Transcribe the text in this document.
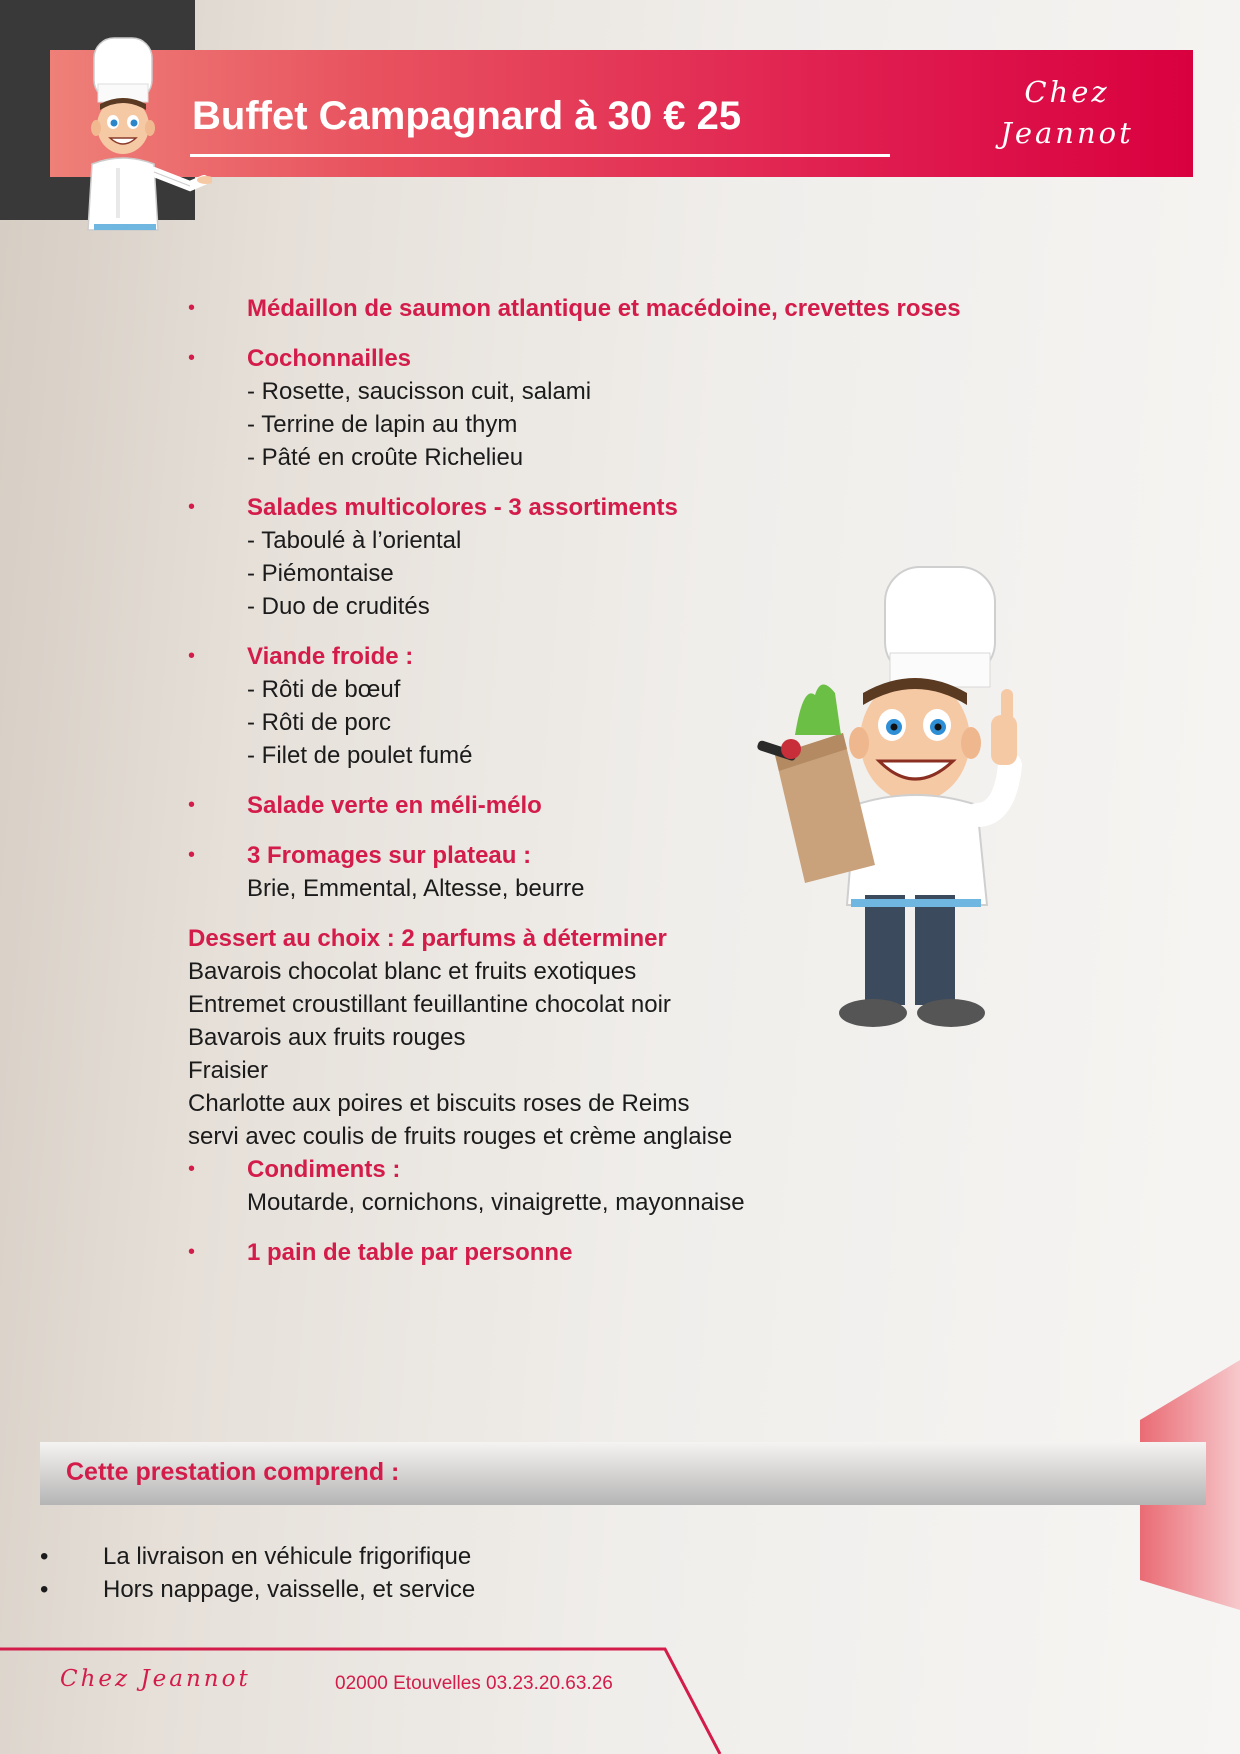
Buffet Campagnard à 30 € 25
Chez
Jeannot
• Médaillon de saumon atlantique et macédoine, crevettes roses
• Cochonnailles
- Rosette, saucisson cuit, salami
- Terrine de lapin au thym
- Pâté en croûte Richelieu
• Salades multicolores - 3 assortiments
- Taboulé à l’oriental
- Piémontaise
- Duo de crudités
• Viande froide :
- Rôti de bœuf
- Rôti de porc
- Filet de poulet fumé
• Salade verte en méli-mélo
• 3 Fromages sur plateau :
Brie, Emmental, Altesse, beurre
Dessert au choix : 2 parfums à déterminer
Bavarois chocolat blanc et fruits exotiques
Entremet croustillant feuillantine chocolat noir
Bavarois aux fruits rouges
Fraisier
Charlotte aux poires et biscuits roses de Reims
servi avec coulis de fruits rouges et crème anglaise
• Condiments :
Moutarde, cornichons, vinaigrette, mayonnaise
• 1 pain de table par personne
Cette prestation comprend :
• La livraison en véhicule frigorifique
• Hors nappage, vaisselle, et service
Chez Jeannot	02000 Etouvelles 03.23.20.63.26
